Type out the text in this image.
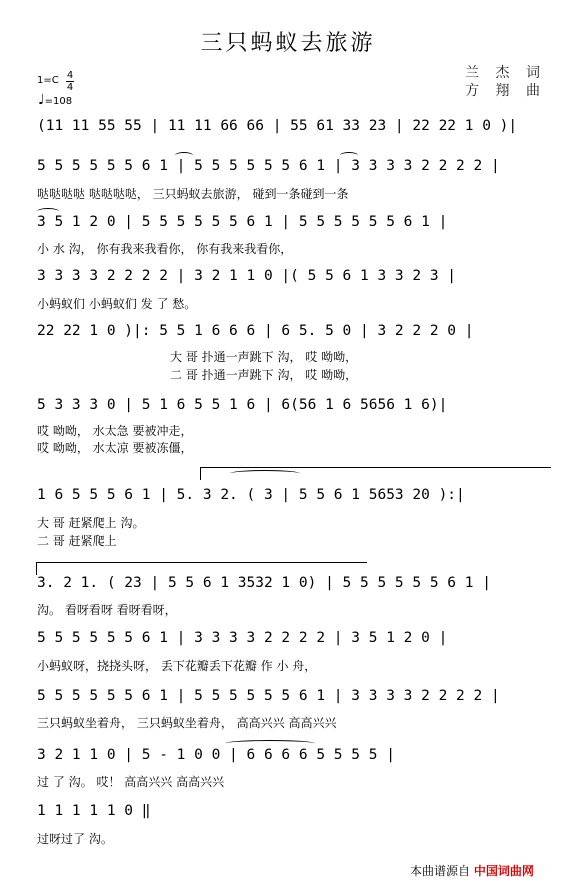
三只蚂蚁去旅游
兰 杰 词
方 翔 曲
1=C 4
4
♩=108
(11 11 55 55 | 11 11 66 66 | 55 61 33 23 | 22 22 1 0 )|
5 5 5 5 5 5 6 1 | 5 5 5 5 5 5 6 1 | 3 3 3 3 2 2 2 2 |
哒哒哒哒 哒哒哒哒， 三只蚂蚁去旅游， 碰到一条碰到一条
3 5 1 2 0 | 5 5 5 5 5 5 6 1 | 5 5 5 5 5 5 6 1 |
小 水 沟， 你有我来我看你， 你有我来我看你，
3 3 3 3 2 2 2 2 | 3 2 1 1 0 |( 5 5 6 1 3 3 2 3 |
小蚂蚁们 小蚂蚁们 发 了 愁。
22 22 1 0 )|: 5 5 1 6 6 6 | 6 5. 5 0 | 3 2 2 2 0 |
大 哥 扑通一声跳下 沟， 哎 呦呦，
二 哥 扑通一声跳下 沟， 哎 呦呦，
5 3 3 3 0 | 5 1 6 5 5 1 6 | 6(56 1 6 5656 1 6)|
哎 呦呦， 水太急 要被冲走，
哎 呦呦， 水太凉 要被冻僵，
1 6 5 5 5 6 1 | 5. 3 2. ( 3 | 5 5 6 1 5653 20 ):|
大 哥 赶紧爬上 沟。
二 哥 赶紧爬上
3. 2 1. ( 23 | 5 5 6 1 3532 1 0) | 5 5 5 5 5 5 6 1 |
沟。 看呀看呀 看呀看呀，
5 5 5 5 5 5 6 1 | 3 3 3 3 2 2 2 2 | 3 5 1 2 0 |
小蚂蚁呀，挠挠头呀， 丢下花瓣丢下花瓣 作 小 舟，
5 5 5 5 5 5 6 1 | 5 5 5 5 5 5 6 1 | 3 3 3 3 2 2 2 2 |
三只蚂蚁坐着舟， 三只蚂蚁坐着舟， 高高兴兴 高高兴兴
3 2 1 1 0 | 5 - 1 0 0 | 6 6 6 6 5 5 5 5 |
过 了 沟。 哎！ 高高兴兴 高高兴兴
1 1 1 1 1 0 ‖
过呀过了 沟。
本曲谱源自 中国词曲网
